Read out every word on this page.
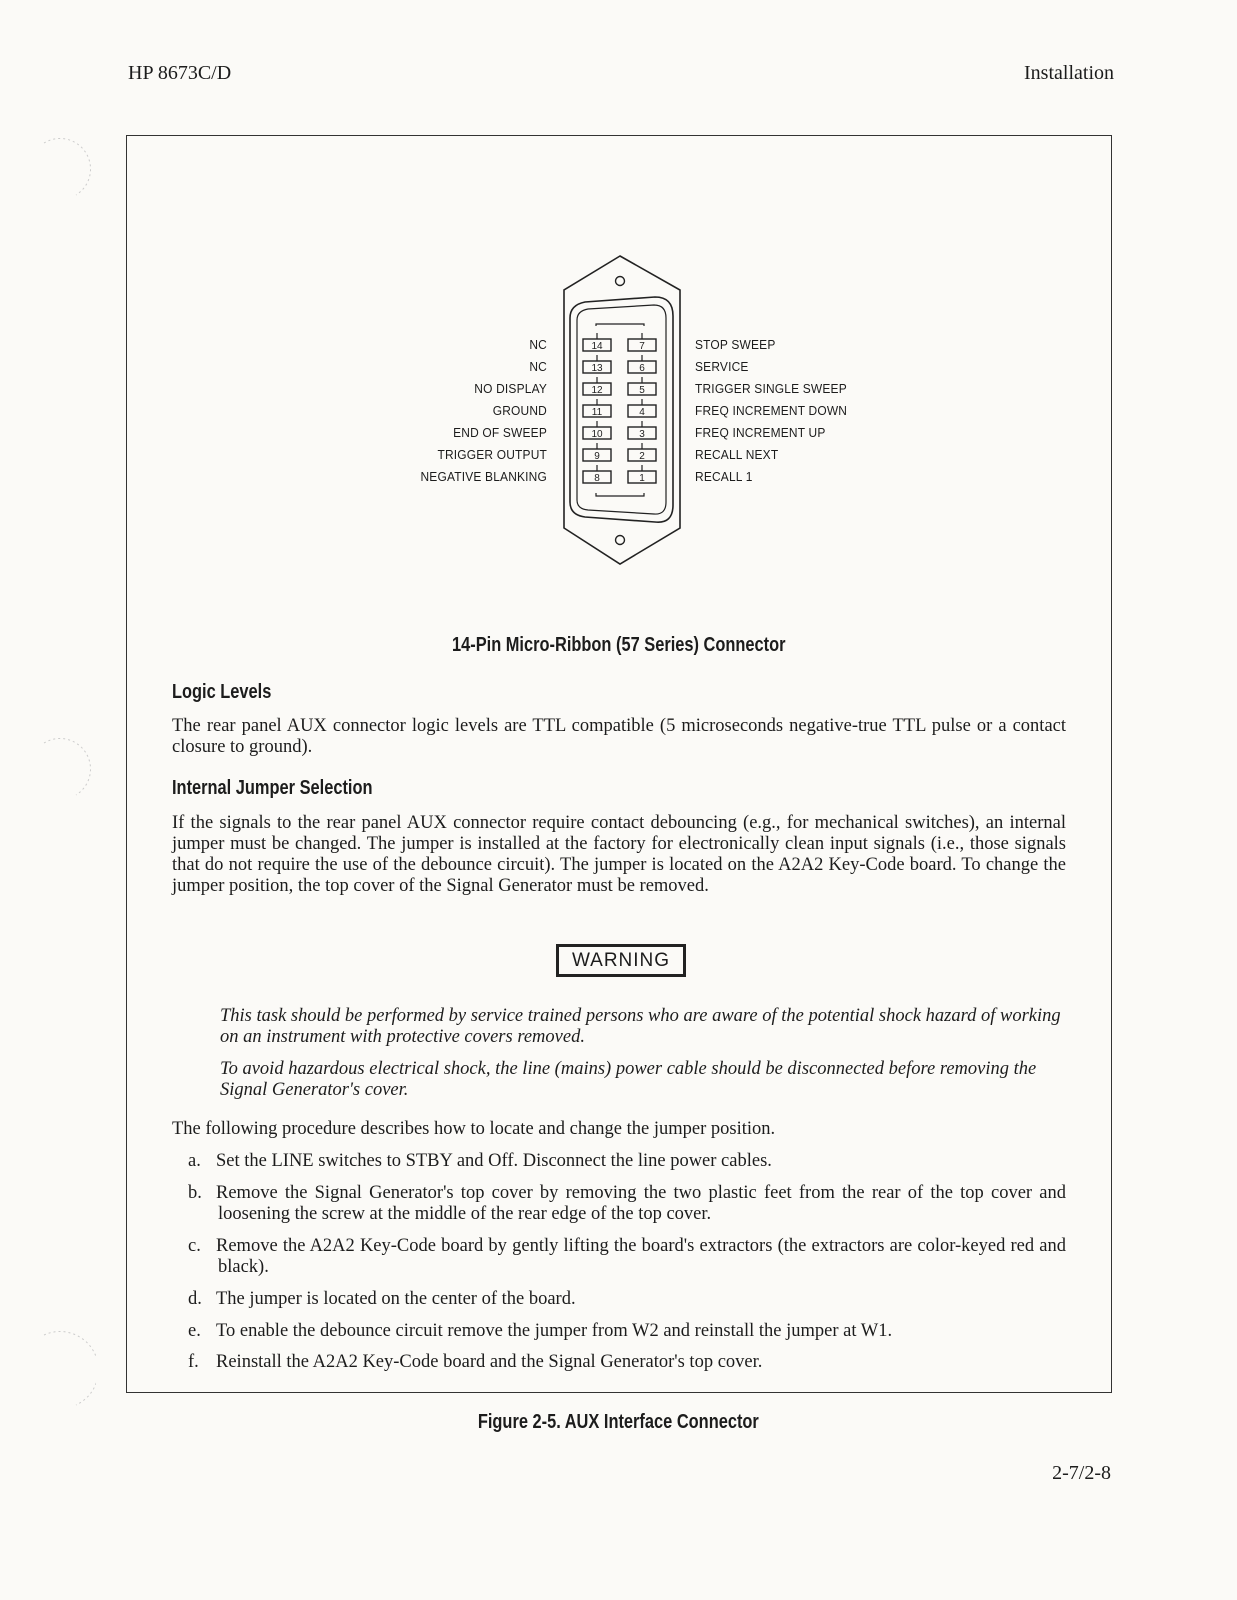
HP 8673C/D	Installation
14
13
12
11
10
9
8
7
6
5
4
3
2
1
NC
NC
NO DISPLAY
GROUND
END OF SWEEP
TRIGGER OUTPUT
NEGATIVE BLANKING
STOP SWEEP
SERVICE
TRIGGER SINGLE SWEEP
FREQ INCREMENT DOWN
FREQ INCREMENT UP
RECALL NEXT
RECALL 1
14-Pin Micro-Ribbon (57 Series) Connector
Logic Levels
The rear panel AUX connector logic levels are TTL compatible (5 microseconds negative-true TTL pulse or a contact closure to ground).
Internal Jumper Selection
If the signals to the rear panel AUX connector require contact debouncing (e.g., for mechanical switches), an internal jumper must be changed. The jumper is installed at the factory for electronically clean input signals (i.e., those signals that do not require the use of the debounce circuit). The jumper is located on the A2A2 Key-Code board. To change the jumper position, the top cover of the Signal Generator must be removed.
WARNING
This task should be performed by service trained persons who are aware of the potential shock hazard of working on an instrument with protective covers removed.
To avoid hazardous electrical shock, the line (mains) power cable should be disconnected before removing the Signal Generator's cover.
The following procedure describes how to locate and change the jumper position.
a. Set the LINE switches to STBY and Off. Disconnect the line power cables.
b. Remove the Signal Generator's top cover by removing the two plastic feet from the rear of the top cover and loosening the screw at the middle of the rear edge of the top cover.
c. Remove the A2A2 Key-Code board by gently lifting the board's extractors (the extractors are color-keyed red and black).
d. The jumper is located on the center of the board.
e. To enable the debounce circuit remove the jumper from W2 and reinstall the jumper at W1.
f. Reinstall the A2A2 Key-Code board and the Signal Generator's top cover.
Figure 2-5. AUX Interface Connector
2-7/2-8
